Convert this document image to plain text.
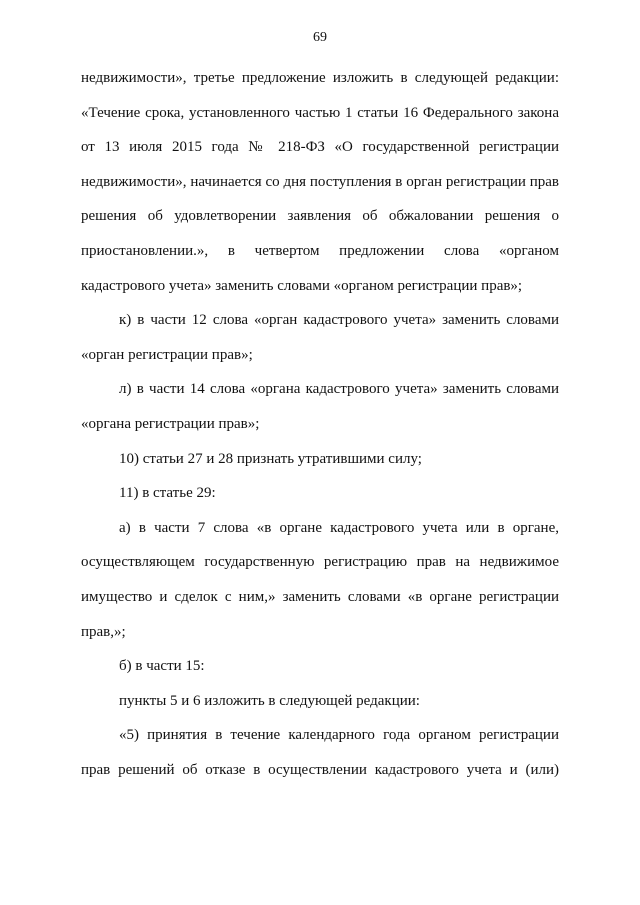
69
недвижимости», третье предложение изложить в следующей редакции:
«Течение срока, установленного частью 1 статьи 16 Федерального закона
от 13 июля 2015 года № 218-ФЗ «О государственной регистрации
недвижимости», начинается со дня поступления в орган регистрации прав
решения об удовлетворении заявления об обжаловании решения о
приостановлении.», в четвертом предложении слова «органом
кадастрового учета» заменить словами «органом регистрации прав»;
к) в части 12 слова «орган кадастрового учета» заменить словами
«орган регистрации прав»;
л) в части 14 слова «органа кадастрового учета» заменить словами
«органа регистрации прав»;
10) статьи 27 и 28 признать утратившими силу;
11) в статье 29:
а) в части 7 слова «в органе кадастрового учета или в органе,
осуществляющем государственную регистрацию прав на недвижимое
имущество и сделок с ним,» заменить словами «в органе регистрации
прав,»;
б) в части 15:
пункты 5 и 6 изложить в следующей редакции:
«5) принятия в течение календарного года органом регистрации
прав решений об отказе в осуществлении кадастрового учета и (или)
